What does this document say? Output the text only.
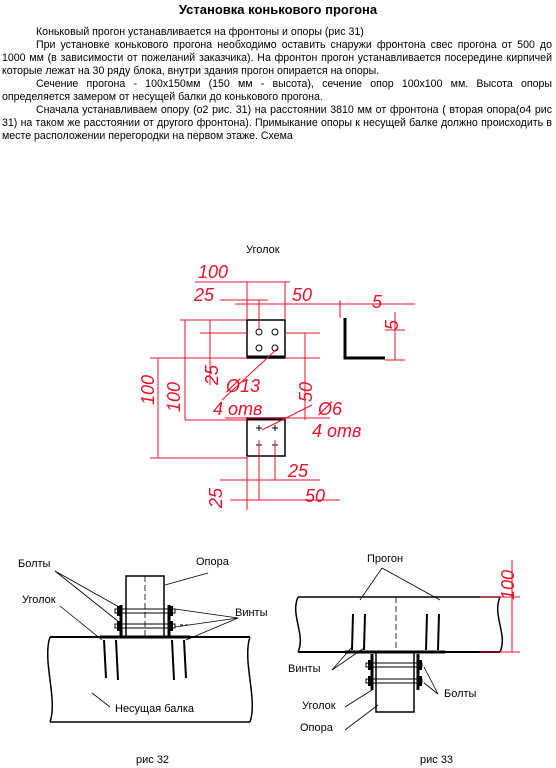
Установка конькового прогона

Коньковый прогон устанавливается на фронтоны и опоры (рис 31)

При установке конькового прогона необходимо оставить снаружи фронтона свес прогона от 500 до 1000 мм (в зависимости от пожеланий заказчика). На фронтон прогон устанавливается посередине кирпичей которые лежат на 30 ряду блока, внутри здания прогон опирается на опоры.

Сечение прогона - 100х150мм (150 мм - высота), сечение опор 100х100 мм. Высота опоры определяется замером от несущей балки до конькового прогона.

Сначала устанавливаем опору (о2 рис. 31) на расстоянии 3810 мм от фронтона ( вторая опора(о4 рис 31) на таком же расстоянии от другого фронтона). Примыкание опоры к несущей балке должно происходить в месте расположении перегородки на первом этаже. Схема

Уголок
100
25	50	5
5
100 100
25
50
Ø13
4 отв	Ø6
4 отв
25
50
25
Болты	Опора
Уголок
Винты
Несущая балка
рис 32
100
Прогон
Винты
Болты
Уголок
Опора
рис 33
